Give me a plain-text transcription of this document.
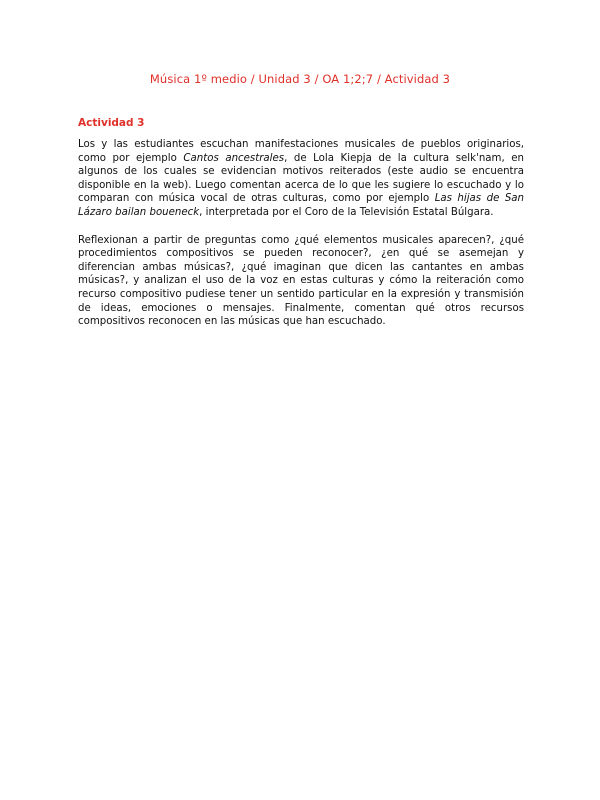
Música 1º medio / Unidad 3 / OA 1;2;7 / Actividad 3
Actividad 3

Los y las estudiantes escuchan manifestaciones musicales de pueblos originarios, como por ejemplo Cantos ancestrales, de Lola Kiepja de la cultura selk'nam, en algunos de los cuales se evidencian motivos reiterados (este audio se encuentra disponible en la web). Luego comentan acerca de lo que les sugiere lo escuchado y lo comparan con música vocal de otras culturas, como por ejemplo Las hijas de San Lázaro bailan boueneck, interpretada por el Coro de la Televisión Estatal Búlgara.

Reflexionan a partir de preguntas como ¿qué elementos musicales aparecen?, ¿qué procedimientos compositivos se pueden reconocer?, ¿en qué se asemejan y diferencian ambas músicas?, ¿qué imaginan que dicen las cantantes en ambas músicas?, y analizan el uso de la voz en estas culturas y cómo la reiteración como recurso compositivo pudiese tener un sentido particular en la expresión y transmisión de ideas, emociones o mensajes. Finalmente, comentan qué otros recursos compositivos reconocen en las músicas que han escuchado.
